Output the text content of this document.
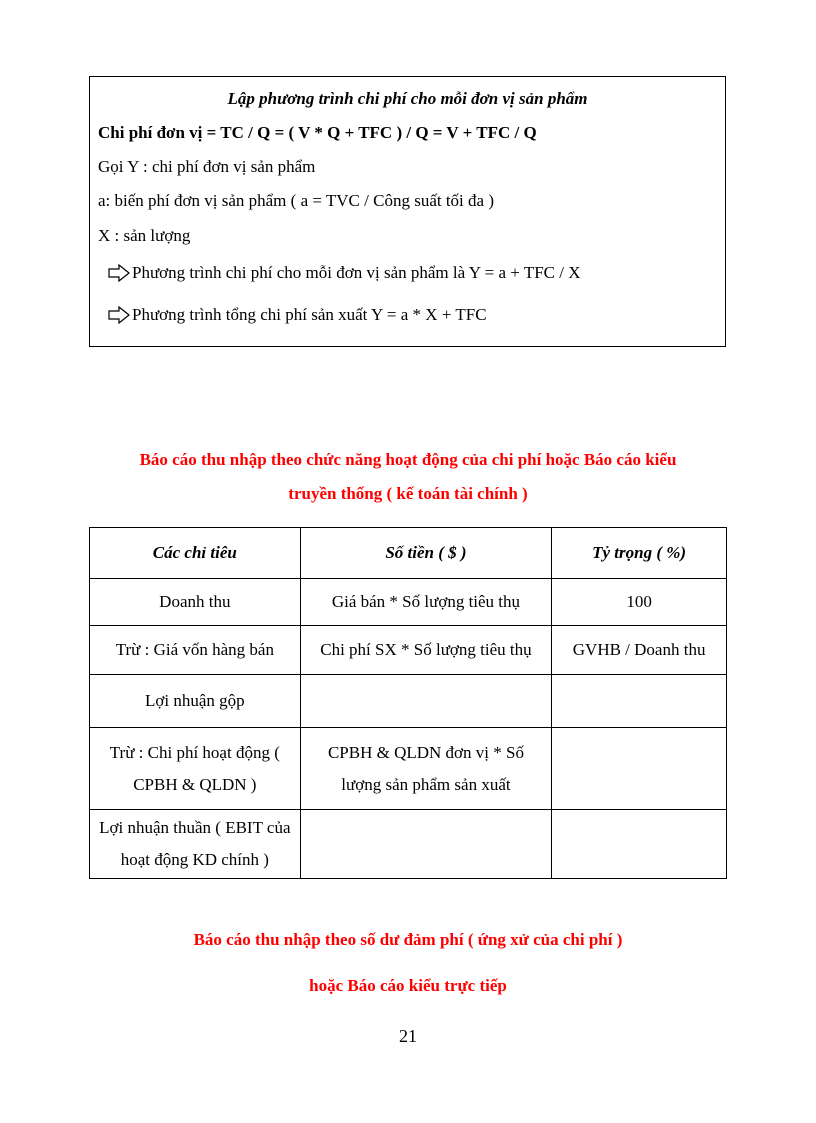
Lập phương trình chi phí cho mỗi đơn vị sản phẩm
Chi phí đơn vị = TC / Q = ( V * Q + TFC ) / Q = V + TFC / Q
Gọi Y : chi phí đơn vị sản phẩm
a: biến phí đơn vị sản phẩm ( a = TVC / Công suất tối đa )
X : sản lượng
Phương trình chi phí cho mỗi đơn vị sản phẩm là Y = a + TFC / X
Phương trình tổng chi phí sản xuất Y = a * X + TFC
Báo cáo thu nhập theo chức năng hoạt động của chi phí hoặc Báo cáo kiểu
truyền thống ( kế toán tài chính )
Các chỉ tiêu	Số tiền ( $ )	Tỷ trọng ( %)
Doanh thu	Giá bán * Số lượng tiêu thụ	100
Trừ : Giá vốn hàng bán	Chi phí SX * Số lượng tiêu thụ	GVHB / Doanh thu
Lợi nhuận gộp		
Trừ : Chi phí hoạt động ( CPBH & QLDN )	CPBH & QLDN đơn vị * Số lượng sản phẩm sản xuất	
Lợi nhuận thuần ( EBIT của hoạt động KD chính )		
Báo cáo thu nhập theo số dư đảm phí ( ứng xử của chi phí )
hoặc Báo cáo kiểu trực tiếp
21
